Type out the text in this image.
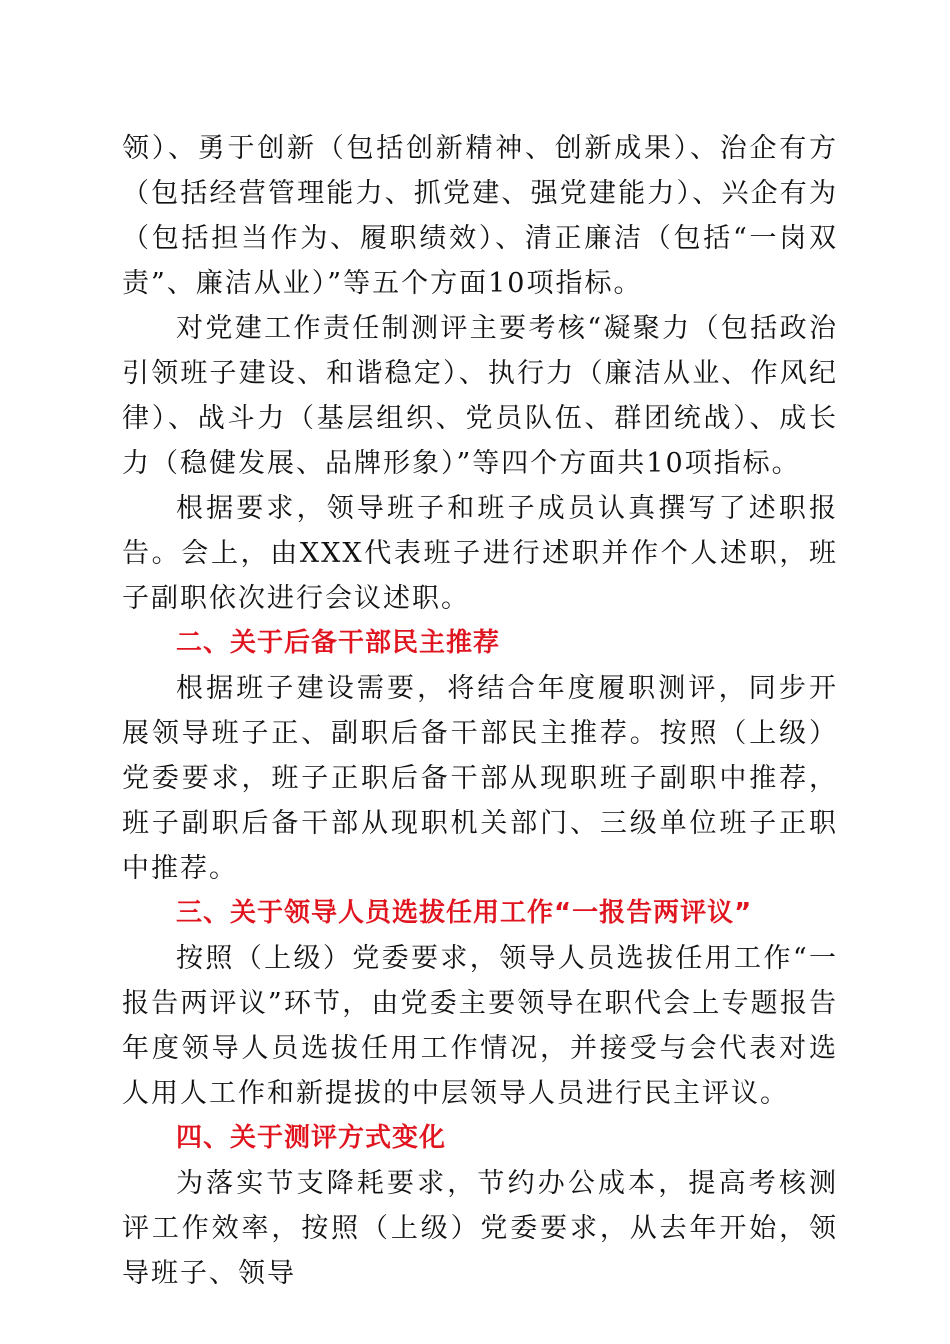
领）、勇于创新（包括创新精神、创新成果）、治企有方（包括经营管理能力、抓党建、强党建能力）、兴企有为（包括担当作为、履职绩效）、清正廉洁（包括“一岗双责”、廉洁从业）”等五个方面10项指标。

对党建工作责任制测评主要考核“凝聚力（包括政治引领班子建设、和谐稳定）、执行力（廉洁从业、作风纪律）、战斗力（基层组织、党员队伍、群团统战）、成长力（稳健发展、品牌形象）”等四个方面共10项指标。

根据要求，领导班子和班子成员认真撰写了述职报告。会上，由XXX代表班子进行述职并作个人述职，班子副职依次进行会议述职。

二、关于后备干部民主推荐

根据班子建设需要，将结合年度履职测评，同步开展领导班子正、副职后备干部民主推荐。按照（上级）党委要求，班子正职后备干部从现职班子副职中推荐，班子副职后备干部从现职机关部门、三级单位班子正职中推荐。

三、关于领导人员选拔任用工作“一报告两评议”

按照（上级）党委要求，领导人员选拔任用工作“一报告两评议”环节，由党委主要领导在职代会上专题报告年度领导人员选拔任用工作情况，并接受与会代表对选人用人工作和新提拔的中层领导人员进行民主评议。

四、关于测评方式变化

为落实节支降耗要求，节约办公成本，提高考核测评工作效率，按照（上级）党委要求，从去年开始，领导班子、领导
